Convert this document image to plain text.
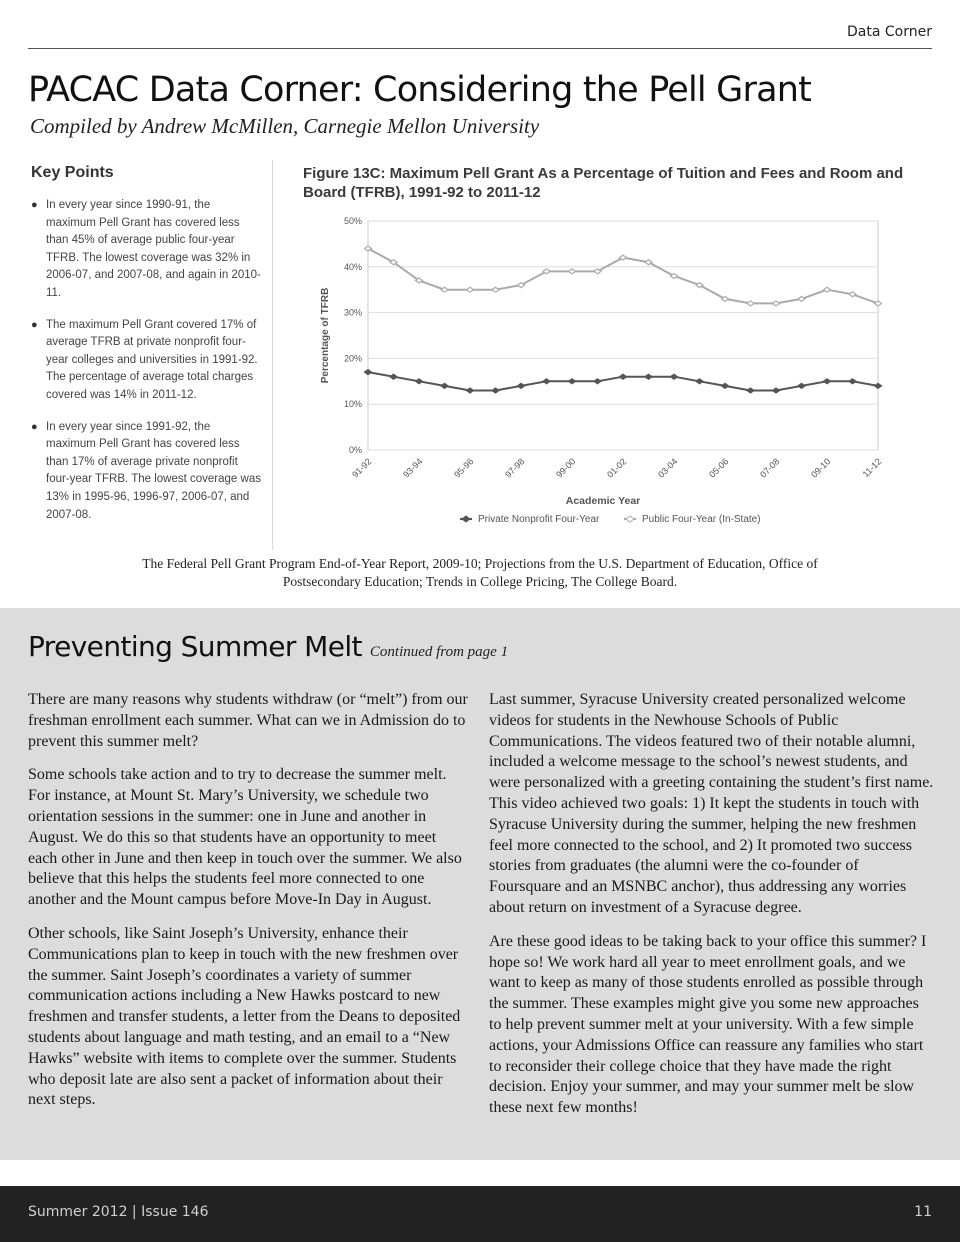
Data Corner
PACAC Data Corner: Considering the Pell Grant
Compiled by Andrew McMillen, Carnegie Mellon University
Key Points
● In every year since 1990-91, the maximum Pell Grant has covered less than 45% of average public four-year TFRB. The lowest coverage was 32% in 2006-07, and 2007-08, and again in 2010-11.
● The maximum Pell Grant covered 17% of average TFRB at private nonprofit four-year colleges and universities in 1991-92. The percentage of average total charges covered was 14% in 2011-12.
● In every year since 1991-92, the maximum Pell Grant has covered less than 17% of average private nonprofit four-year TFRB. The lowest coverage was 13% in 1995-96, 1996-97, 2006-07, and 2007-08.
Figure 13C: Maximum Pell Grant As a Percentage of Tuition and Fees and Room and Board (TFRB), 1991-92 to 2011-12
0%
10%
20%
30%
40%
50%
91-92	93-94	95-96	97-98	99-00	01-02	03-04	05-06	07-08	09-10	11-12
Percentage of TFRB
Academic Year
Private Nonprofit Four-Year	Public Four-Year (In-State)
The Federal Pell Grant Program End-of-Year Report, 2009-10; Projections from the U.S. Department of Education, Office of Postsecondary Education; Trends in College Pricing, The College Board.
Preventing Summer Melt Continued from page 1

There are many reasons why students withdraw (or “melt”) from our freshman enrollment each summer. What can we in Admission do to prevent this summer melt?

Some schools take action and to try to decrease the summer melt. For instance, at Mount St. Mary’s University, we schedule two orientation sessions in the summer: one in June and another in August. We do this so that students have an opportunity to meet each other in June and then keep in touch over the summer. We also believe that this helps the students feel more connected to one another and the Mount campus before Move-In Day in August.

Other schools, like Saint Joseph’s University, enhance their Communications plan to keep in touch with the new freshmen over the summer. Saint Joseph’s coordinates a variety of summer communication actions including a New Hawks postcard to new freshmen and transfer students, a letter from the Deans to deposited students about language and math testing, and an email to a “New Hawks” website with items to complete over the summer. Students who deposit late are also sent a packet of information about their next steps.

Last summer, Syracuse University created personalized welcome videos for students in the Newhouse Schools of Public Communications. The videos featured two of their notable alumni, included a welcome message to the school’s newest students, and were personalized with a greeting containing the student’s first name. This video achieved two goals: 1) It kept the students in touch with Syracuse University during the summer, helping the new freshmen feel more connected to the school, and 2) It promoted two success stories from graduates (the alumni were the co-founder of Foursquare and an MSNBC anchor), thus addressing any worries about return on investment of a Syracuse degree.

Are these good ideas to be taking back to your office this summer? I hope so! We work hard all year to meet enrollment goals, and we want to keep as many of those students enrolled as possible through the summer. These examples might give you some new approaches to help prevent summer melt at your university. With a few simple actions, your Admissions Office can reassure any families who start to reconsider their college choice that they have made the right decision. Enjoy your summer, and may your summer melt be slow these next few months!

Summer 2012 | Issue 146	11
